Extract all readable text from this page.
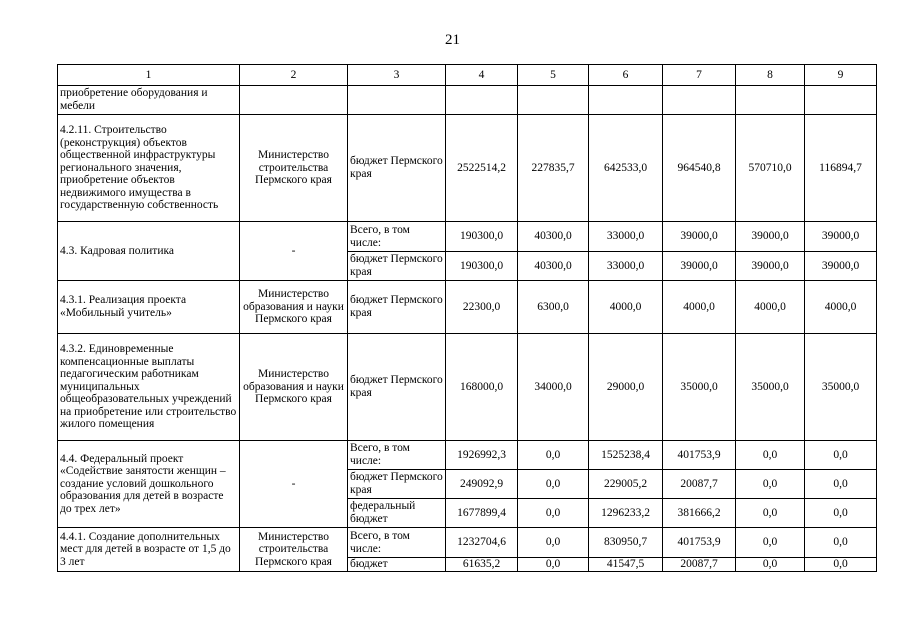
21
1	2	3	4	5	6	7	8	9
приобретение оборудования и мебели								
4.2.11. Строительство (реконструкция) объектов общественной инфраструктуры регионального значения, приобретение объектов недвижимого имущества в государственную собственность	Министерство строительства Пермского края	бюджет Пермского края	2522514,2	227835,7	642533,0	964540,8	570710,0	116894,7
4.3. Кадровая политика	-	Всего, в том числе:	190300,0	40300,0	33000,0	39000,0	39000,0	39000,0
		бюджет Пермского края	190300,0	40300,0	33000,0	39000,0	39000,0	39000,0
4.3.1. Реализация проекта «Мобильный учитель»	Министерство образования и науки Пермского края	бюджет Пермского края	22300,0	6300,0	4000,0	4000,0	4000,0	4000,0
4.3.2. Единовременные компенсационные выплаты педагогическим работникам муниципальных общеобразовательных учреждений на приобретение или строительство жилого помещения	Министерство образования и науки Пермского края	бюджет Пермского края	168000,0	34000,0	29000,0	35000,0	35000,0	35000,0
4.4. Федеральный проект «Содействие занятости женщин – создание условий дошкольного образования для детей в возрасте до трех лет»	-	Всего, в том числе:	1926992,3	0,0	1525238,4	401753,9	0,0	0,0
		бюджет Пермского края	249092,9	0,0	229005,2	20087,7	0,0	0,0
		федеральный бюджет	1677899,4	0,0	1296233,2	381666,2	0,0	0,0
4.4.1. Создание дополнительных мест для детей в возрасте от 1,5 до 3 лет	Министерство строительства Пермского края	Всего, в том числе:	1232704,6	0,0	830950,7	401753,9	0,0	0,0
		бюджет	61635,2	0,0	41547,5	20087,7	0,0	0,0
